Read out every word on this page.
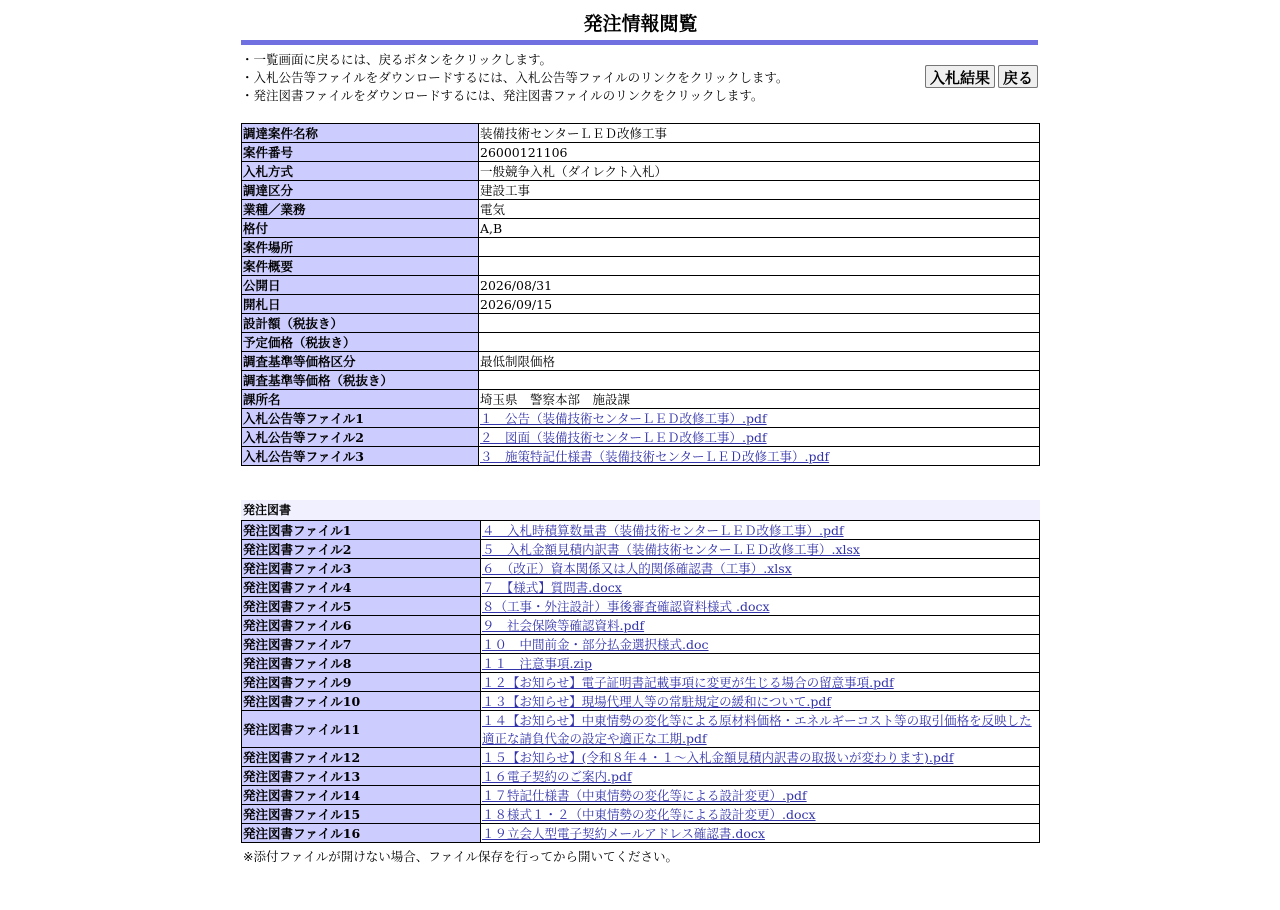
発注情報閲覧
・一覧画面に戻るには、戻るボタンをクリックします。
・入札公告等ファイルをダウンロードするには、入札公告等ファイルのリンクをクリックします。
・発注図書ファイルをダウンロードするには、発注図書ファイルのリンクをクリックします。
入札結果 戻る
調達案件名称	装備技術センターＬＥＤ改修工事
案件番号	26000121106
入札方式	一般競争入札（ダイレクト入札）
調達区分	建設工事
業種／業務	電気
格付	A,B
案件場所	
案件概要	
公開日	2026/08/31
開札日	2026/09/15
設計額（税抜き）	
予定価格（税抜き）	
調査基準等価格区分	最低制限価格
調査基準等価格（税抜き）	
課所名	埼玉県　警察本部　施設課
入札公告等ファイル1	１　公告（装備技術センターＬＥＤ改修工事）.pdf
入札公告等ファイル2	２　図面（装備技術センターＬＥＤ改修工事）.pdf
入札公告等ファイル3	３　施策特記仕様書（装備技術センターＬＥＤ改修工事）.pdf
発注図書
発注図書ファイル1	４　入札時積算数量書（装備技術センターＬＥＤ改修工事）.pdf
発注図書ファイル2	５　入札金額見積内訳書（装備技術センターＬＥＤ改修工事）.xlsx
発注図書ファイル3	６　（改正）資本関係又は人的関係確認書（工事）.xlsx
発注図書ファイル4	７　【様式】質問書.docx
発注図書ファイル5	８（工事・外注設計）事後審査確認資料様式 .docx
発注図書ファイル6	９　社会保険等確認資料.pdf
発注図書ファイル7	１０　中間前金・部分払金選択様式.doc
発注図書ファイル8	１１　注意事項.zip
発注図書ファイル9	１２【お知らせ】電子証明書記載事項に変更が生じる場合の留意事項.pdf
発注図書ファイル10	１３【お知らせ】現場代理人等の常駐規定の緩和について.pdf
発注図書ファイル11	１４【お知らせ】中東情勢の変化等による原材料価格・エネルギーコスト等の取引価格を反映した適正な請負代金の設定や適正な工期.pdf
発注図書ファイル12	１５【お知らせ】(令和８年４・１～入札金額見積内訳書の取扱いが変わります).pdf
発注図書ファイル13	１６電子契約のご案内.pdf
発注図書ファイル14	１７特記仕様書（中東情勢の変化等による設計変更）.pdf
発注図書ファイル15	１８様式１・２（中東情勢の変化等による設計変更）.docx
発注図書ファイル16	１９立会人型電子契約メールアドレス確認書.docx
※添付ファイルが開けない場合、ファイル保存を行ってから開いてください。
